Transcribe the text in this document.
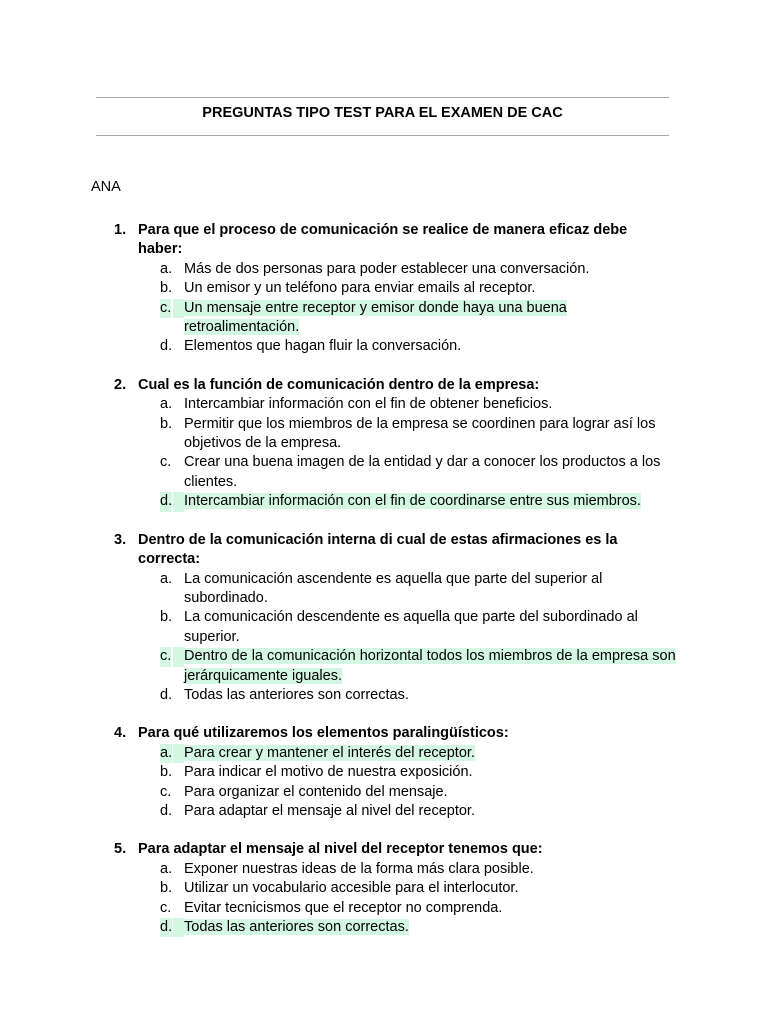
PREGUNTAS TIPO TEST PARA EL EXAMEN DE CAC
ANA
1. Para que el proceso de comunicación se realice de manera eficaz debe haber:
a. Más de dos personas para poder establecer una conversación.
b. Un emisor y un teléfono para enviar emails al receptor.
c. Un mensaje entre receptor y emisor donde haya una buena retroalimentación.
d. Elementos que hagan fluir la conversación.
2. Cual es la función de comunicación dentro de la empresa:
a. Intercambiar información con el fin de obtener beneficios.
b. Permitir que los miembros de la empresa se coordinen para lograr así los objetivos de la empresa.
c. Crear una buena imagen de la entidad y dar a conocer los productos a los clientes.
d. Intercambiar información con el fin de coordinarse entre sus miembros.
3. Dentro de la comunicación interna di cual de estas afirmaciones es la correcta:
a. La comunicación ascendente es aquella que parte del superior al subordinado.
b. La comunicación descendente es aquella que parte del subordinado al superior.
c. Dentro de la comunicación horizontal todos los miembros de la empresa son jerárquicamente iguales.
d. Todas las anteriores son correctas.
4. Para qué utilizaremos los elementos paralingüísticos:
a. Para crear y mantener el interés del receptor.
b. Para indicar el motivo de nuestra exposición.
c. Para organizar el contenido del mensaje.
d. Para adaptar el mensaje al nivel del receptor.
5. Para adaptar el mensaje al nivel del receptor tenemos que:
a. Exponer nuestras ideas de la forma más clara posible.
b. Utilizar un vocabulario accesible para el interlocutor.
c. Evitar tecnicismos que el receptor no comprenda.
d. Todas las anteriores son correctas.
